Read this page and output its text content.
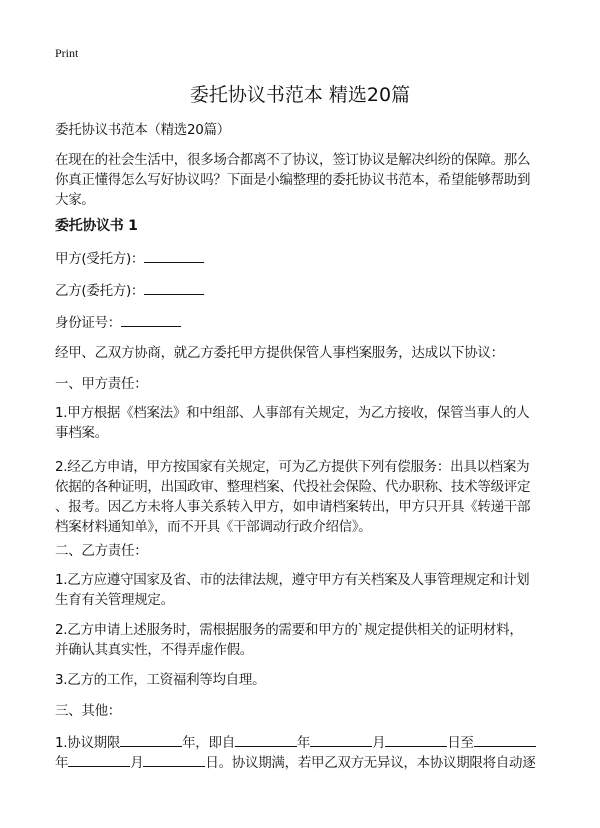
Print
委托协议书范本 精选20篇
委托协议书范本（精选20篇）
在现在的社会生活中，很多场合都离不了协议，签订协议是解决纠纷的保障。那么
你真正懂得怎么写好协议吗？下面是小编整理的委托协议书范本，希望能够帮助到
大家。
委托协议书 1
甲方(受托方)：
乙方(委托方)：
身份证号：
经甲、乙双方协商，就乙方委托甲方提供保管人事档案服务，达成以下协议：
一、甲方责任：
1.甲方根据《档案法》和中组部、人事部有关规定，为乙方接收，保管当事人的人
事档案。
2.经乙方申请，甲方按国家有关规定，可为乙方提供下列有偿服务：出具以档案为
依据的各种证明，出国政审、整理档案、代投社会保险、代办职称、技术等级评定
、报考。因乙方未将人事关系转入甲方，如申请档案转出，甲方只开具《转递干部
档案材料通知单》，而不开具《干部调动行政介绍信》。
二、乙方责任：
1.乙方应遵守国家及省、市的法律法规，遵守甲方有关档案及人事管理规定和计划
生育有关管理规定。
2.乙方申请上述服务时，需根据服务的需要和甲方的`规定提供相关的证明材料，
并确认其真实性，不得弄虚作假。
3.乙方的工作，工资福利等均自理。
三、其他：
1.协议期限	年，即自	年	月	日至
年	月	日。协议期满，若甲乙双方无异议，本协议期限将自动逐
